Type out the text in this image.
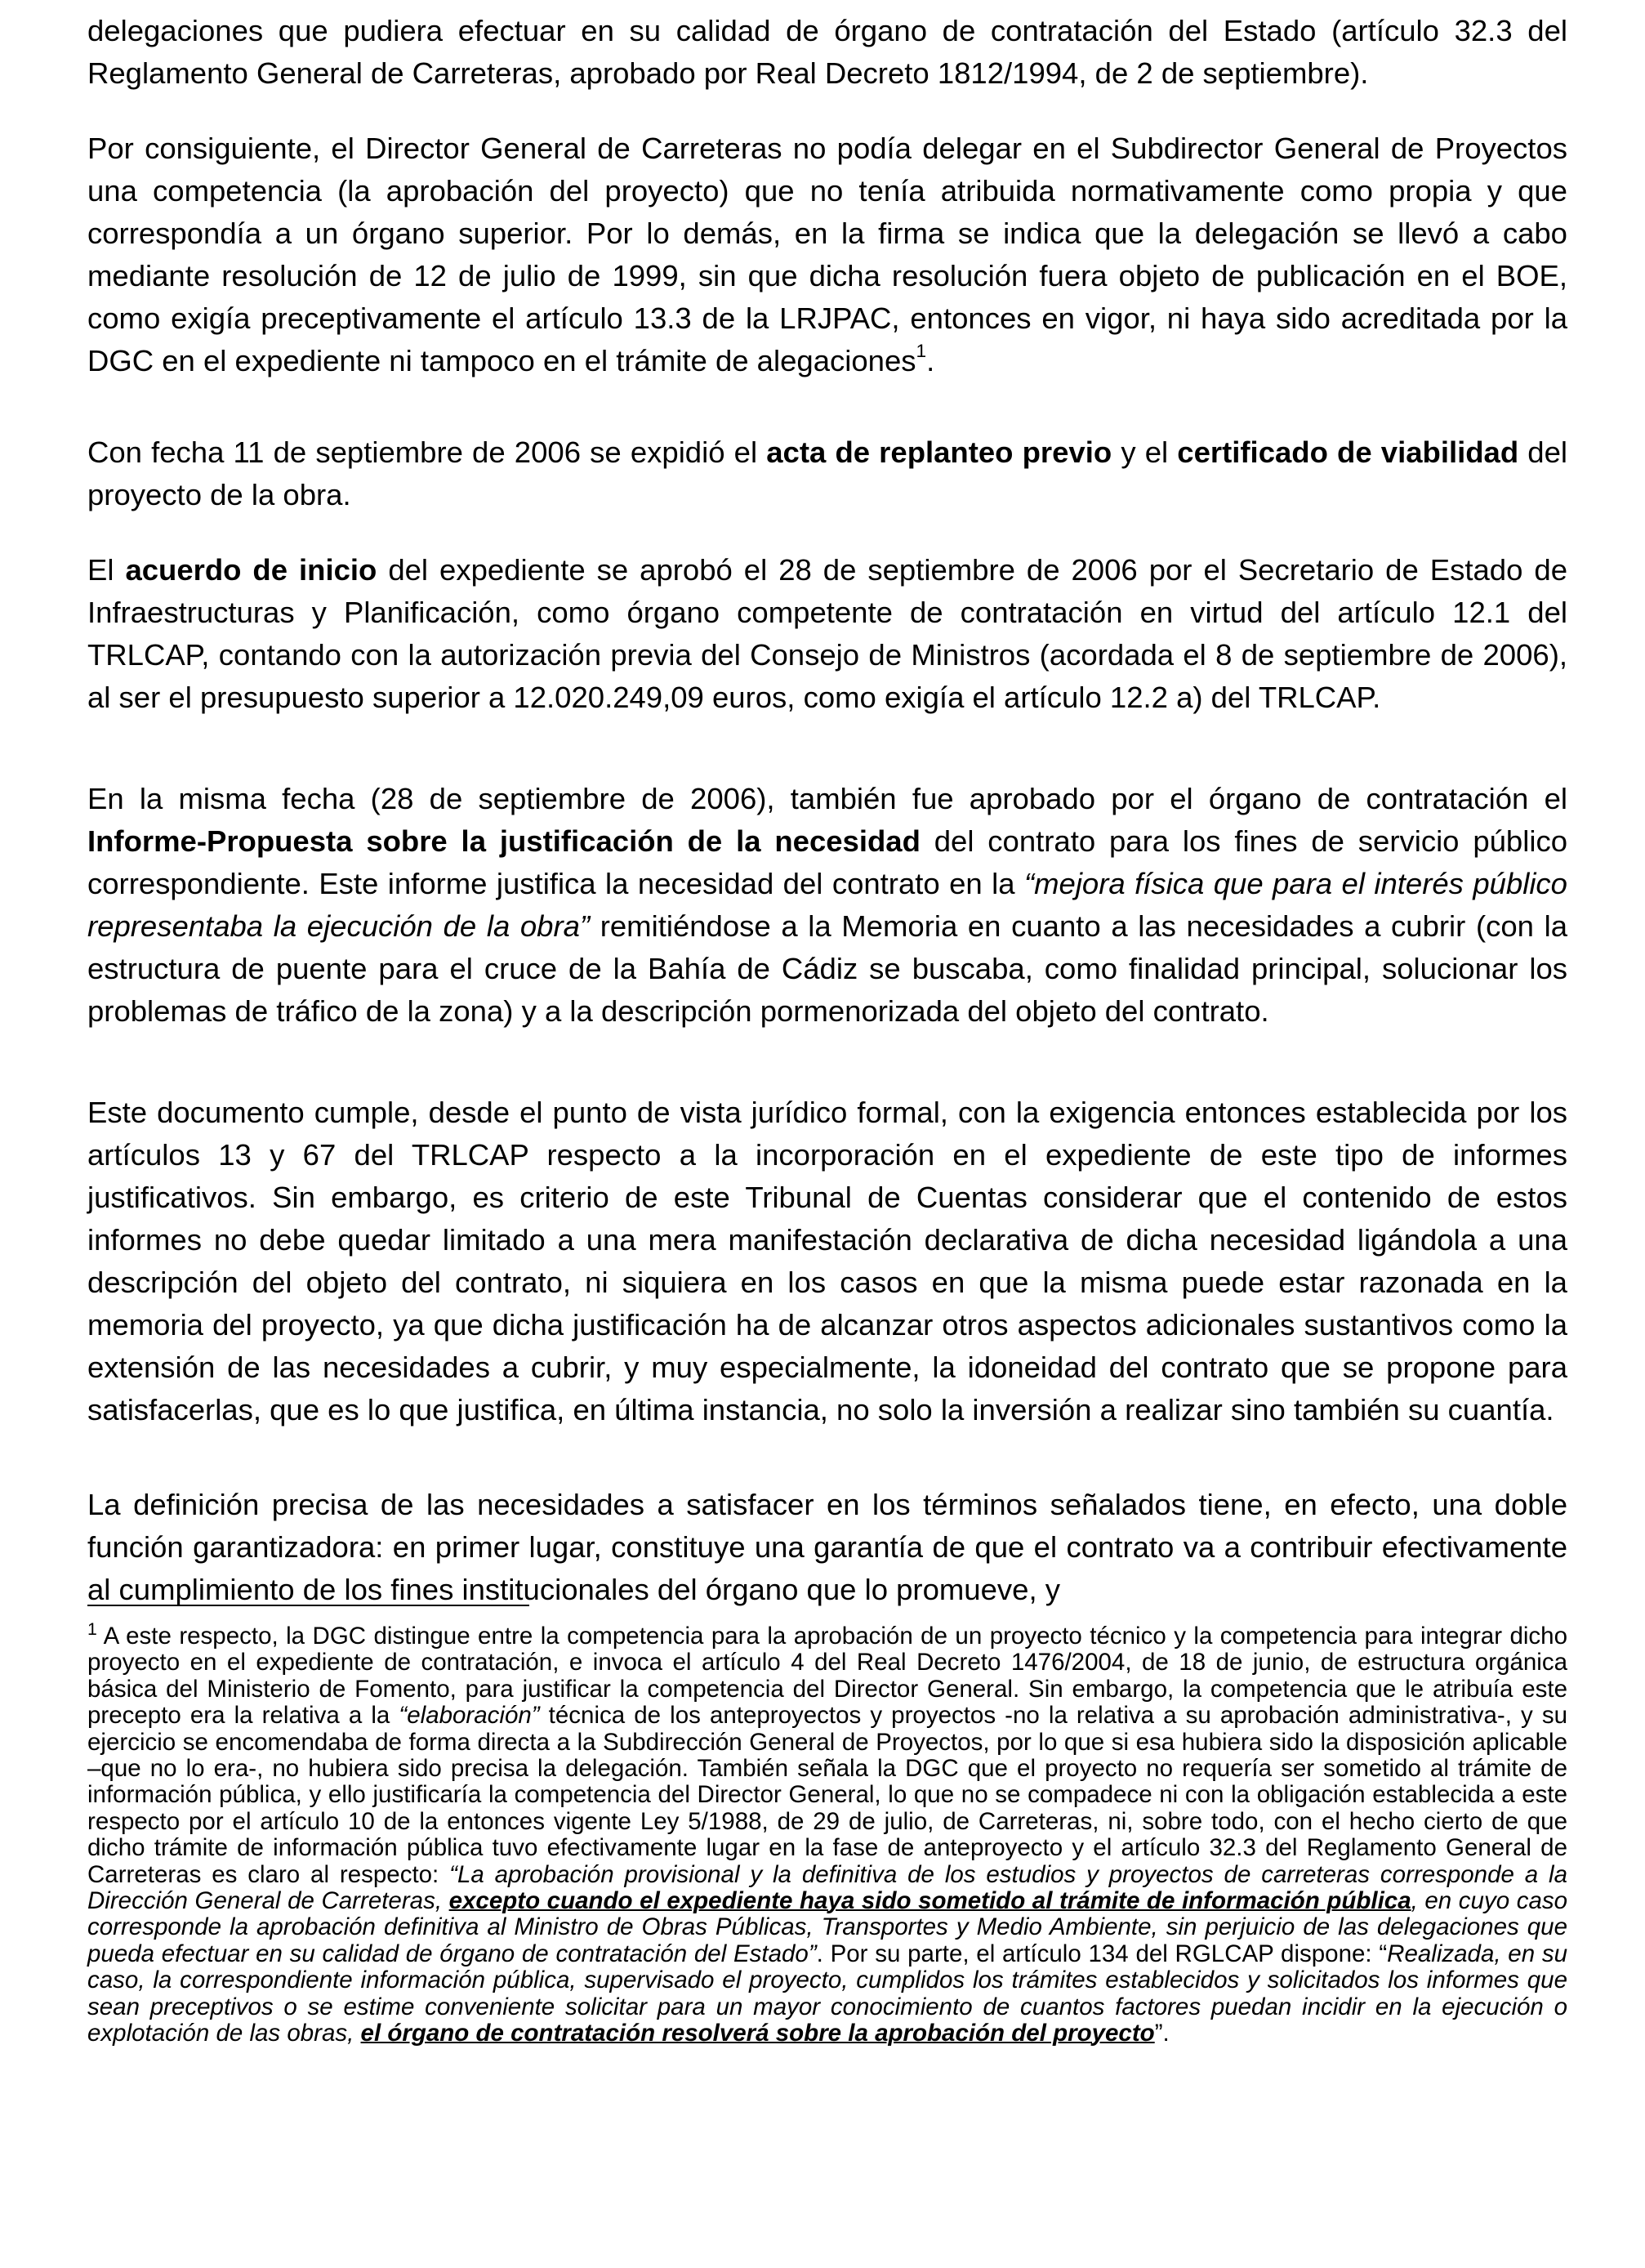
delegaciones que pudiera efectuar en su calidad de órgano de contratación del Estado (artículo 32.3 del Reglamento General de Carreteras, aprobado por Real Decreto 1812/1994, de 2 de septiembre).

Por consiguiente, el Director General de Carreteras no podía delegar en el Subdirector General de Proyectos una competencia (la aprobación del proyecto) que no tenía atribuida normativamente como propia y que correspondía a un órgano superior. Por lo demás, en la firma se indica que la delegación se llevó a cabo mediante resolución de 12 de julio de 1999, sin que dicha resolución fuera objeto de publicación en el BOE, como exigía preceptivamente el artículo 13.3 de la LRJPAC, entonces en vigor, ni haya sido acreditada por la DGC en el expediente ni tampoco en el trámite de alegaciones$^1$.

Con fecha 11 de septiembre de 2006 se expidió el acta de replanteo previo y el certificado de viabilidad del proyecto de la obra.

El acuerdo de inicio del expediente se aprobó el 28 de septiembre de 2006 por el Secretario de Estado de Infraestructuras y Planificación, como órgano competente de contratación en virtud del artículo 12.1 del TRLCAP, contando con la autorización previa del Consejo de Ministros (acordada el 8 de septiembre de 2006), al ser el presupuesto superior a 12.020.249,09 euros, como exigía el artículo 12.2 a) del TRLCAP.

En la misma fecha (28 de septiembre de 2006), también fue aprobado por el órgano de contratación el Informe-Propuesta sobre la justificación de la necesidad del contrato para los fines de servicio público correspondiente. Este informe justifica la necesidad del contrato en la “mejora física que para el interés público representaba la ejecución de la obra” remitiéndose a la Memoria en cuanto a las necesidades a cubrir (con la estructura de puente para el cruce de la Bahía de Cádiz se buscaba, como finalidad principal, solucionar los problemas de tráfico de la zona) y a la descripción pormenorizada del objeto del contrato.

Este documento cumple, desde el punto de vista jurídico formal, con la exigencia entonces establecida por los artículos 13 y 67 del TRLCAP respecto a la incorporación en el expediente de este tipo de informes justificativos. Sin embargo, es criterio de este Tribunal de Cuentas considerar que el contenido de estos informes no debe quedar limitado a una mera manifestación declarativa de dicha necesidad ligándola a una descripción del objeto del contrato, ni siquiera en los casos en que la misma puede estar razonada en la memoria del proyecto, ya que dicha justificación ha de alcanzar otros aspectos adicionales sustantivos como la extensión de las necesidades a cubrir, y muy especialmente, la idoneidad del contrato que se propone para satisfacerlas, que es lo que justifica, en última instancia, no solo la inversión a realizar sino también su cuantía.

La definición precisa de las necesidades a satisfacer en los términos señalados tiene, en efecto, una doble función garantizadora: en primer lugar, constituye una garantía de que el contrato va a contribuir efectivamente al cumplimiento de los fines institucionales del órgano que lo promueve, y

$^1$ A este respecto, la DGC distingue entre la competencia para la aprobación de un proyecto técnico y la competencia para integrar dicho proyecto en el expediente de contratación, e invoca el artículo 4 del Real Decreto 1476/2004, de 18 de junio, de estructura orgánica básica del Ministerio de Fomento, para justificar la competencia del Director General. Sin embargo, la competencia que le atribuía este precepto era la relativa a la “elaboración” técnica de los anteproyectos y proyectos -no la relativa a su aprobación administrativa-, y su ejercicio se encomendaba de forma directa a la Subdirección General de Proyectos, por lo que si esa hubiera sido la disposición aplicable –que no lo era-, no hubiera sido precisa la delegación. También señala la DGC que el proyecto no requería ser sometido al trámite de información pública, y ello justificaría la competencia del Director General, lo que no se compadece ni con la obligación establecida a este respecto por el artículo 10 de la entonces vigente Ley 5/1988, de 29 de julio, de Carreteras, ni, sobre todo, con el hecho cierto de que dicho trámite de información pública tuvo efectivamente lugar en la fase de anteproyecto y el artículo 32.3 del Reglamento General de Carreteras es claro al respecto: “La aprobación provisional y la definitiva de los estudios y proyectos de carreteras corresponde a la Dirección General de Carreteras, excepto cuando el expediente haya sido sometido al trámite de información pública, en cuyo caso corresponde la aprobación definitiva al Ministro de Obras Públicas, Transportes y Medio Ambiente, sin perjuicio de las delegaciones que pueda efectuar en su calidad de órgano de contratación del Estado”. Por su parte, el artículo 134 del RGLCAP dispone: “Realizada, en su caso, la correspondiente información pública, supervisado el proyecto, cumplidos los trámites establecidos y solicitados los informes que sean preceptivos o se estime conveniente solicitar para un mayor conocimiento de cuantos factores puedan incidir en la ejecución o explotación de las obras, el órgano de contratación resolverá sobre la aprobación del proyecto”.
